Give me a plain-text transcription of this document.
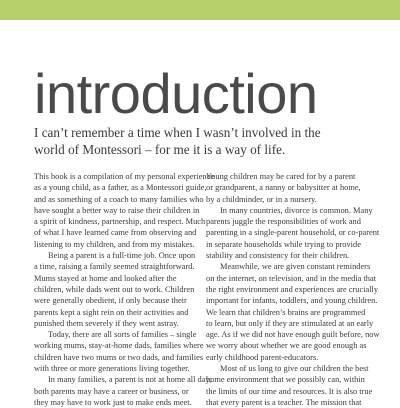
introduction

I can’t remember a time when I wasn’t involved in the
world of Montessori – for me it is a way of life.

This book is a compilation of my personal experience
as a young child, as a father, as a Montessori guide,
and as something of a coach to many families who
have sought a better way to raise their children in
a spirit of kindness, partnership, and respect. Much
of what I have learned came from observing and
listening to my children, and from my mistakes.
Being a parent is a full-time job. Once upon
a time, raising a family seemed straightforward.
Mums stayed at home and looked after the
children, while dads went out to work. Children
were generally obedient, if only because their
parents kept a sight rein on their activities and
punished them severely if they went astray.
Today, there are all sorts of families – single
working mums, stay-at-home dads, families where
children have two mums or two dads, and families
with three or more generations living together.
In many families, a parent is not at home all day;
both parents may have a career or business, or
they may have to work just to make ends meet.
Young children may be cared for by a parent
or grandparent, a nanny or babysitter at home,
by a childminder, or in a nursery.
In many countries, divorce is common. Many
parents juggle the responsibilities of work and
parenting in a single-parent household, or co-parent
in separate households while trying to provide
stability and consistency for their children.
Meanwhile, we are given constant reminders
on the internet, on television, and in the media that
the right environment and experiences are crucially
important for infants, toddlers, and young children.
We learn that children’s brains are programmed
to learn, but only if they are stimulated at an early
age. As if we did not have enough guilt before, now
we worry about whether we are good enough as
early childhood parent-educators.
Most of us long to give our children the best
home environment that we possibly can, within
the limits of our time and resources. It is also true
that every parent is a teacher. The mission that
